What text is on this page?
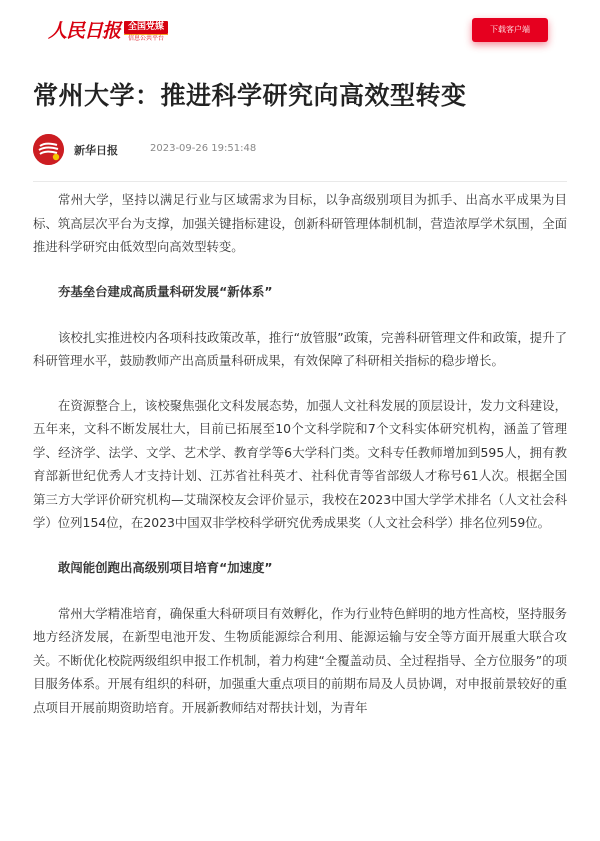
人民日报 全国党媒
信息公共平台
下载客户端
常州大学：推进科学研究向高效型转变
新华日报	2023-09-26 19:51:48

常州大学，坚持以满足行业与区域需求为目标，以争高级别项目为抓手、出高水平成果为目标、筑高层次平台为支撑，加强关键指标建设，创新科研管理体制机制，营造浓厚学术氛围，全面推进科学研究由低效型向高效型转变。

夯基垒台建成高质量科研发展“新体系”

该校扎实推进校内各项科技政策改革，推行“放管服”政策，完善科研管理文件和政策，提升了科研管理水平，鼓励教师产出高质量科研成果，有效保障了科研相关指标的稳步增长。

在资源整合上，该校聚焦强化文科发展态势，加强人文社科发展的顶层设计，发力文科建设，五年来，文科不断发展壮大，目前已拓展至10个文科学院和7个文科实体研究机构，涵盖了管理学、经济学、法学、文学、艺术学、教育学等6大学科门类。文科专任教师增加到595人，拥有教育部新世纪优秀人才支持计划、江苏省社科英才、社科优青等省部级人才称号61人次。根据全国第三方大学评价研究机构—艾瑞深校友会评价显示，我校在2023中国大学学术排名（人文社会科学）位列154位，在2023中国双非学校科学研究优秀成果奖（人文社会科学）排名位列59位。

敢闯能创跑出高级别项目培育“加速度”

常州大学精准培育，确保重大科研项目有效孵化，作为行业特色鲜明的地方性高校，坚持服务地方经济发展，在新型电池开发、生物质能源综合利用、能源运输与安全等方面开展重大联合攻关。不断优化校院两级组织申报工作机制，着力构建“全覆盖动员、全过程指导、全方位服务”的项目服务体系。开展有组织的科研，加强重大重点项目的前期布局及人员协调，对申报前景较好的重点项目开展前期资助培育。开展新教师结对帮扶计划，为青年
